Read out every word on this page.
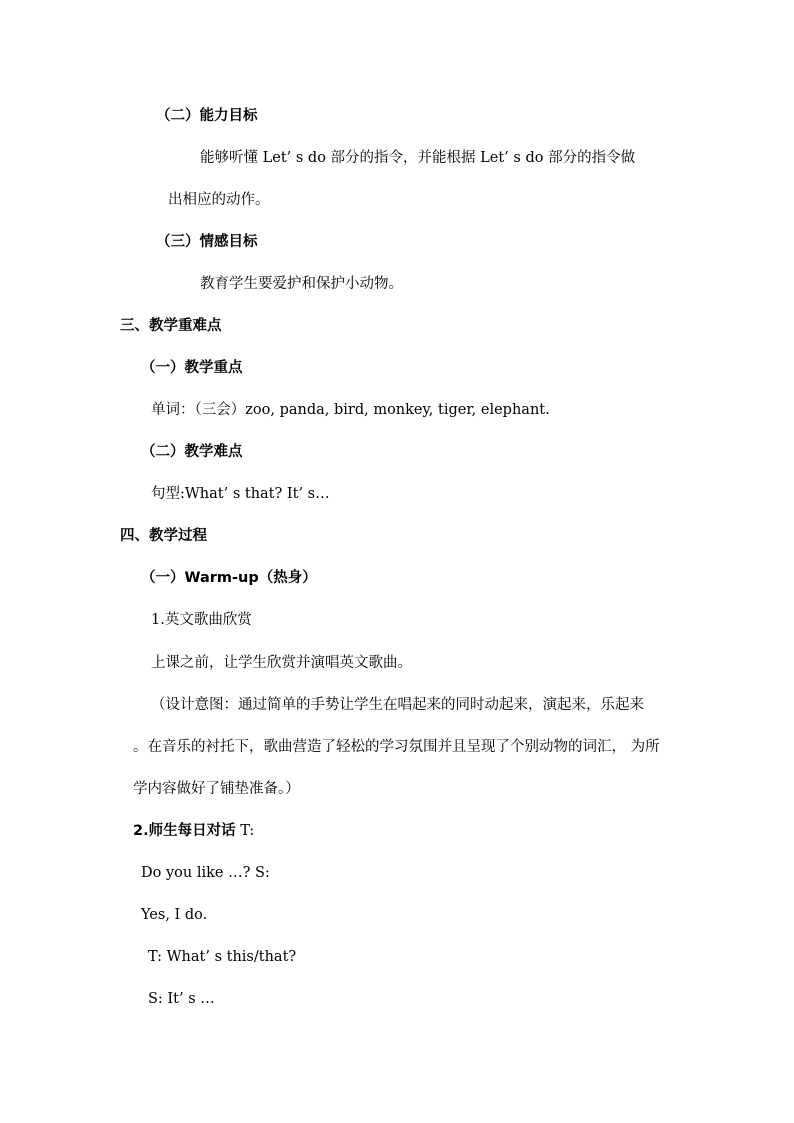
（二）能力目标
能够听懂 Let’ s do 部分的指令，并能根据 Let’ s do 部分的指令做
出相应的动作。
（三）情感目标
教育学生要爱护和保护小动物。
三、教学重难点
（一）教学重点
单词：（三会）zoo, panda, bird, monkey, tiger, elephant.
（二）教学难点
句型:What’ s that? It’ s…
四、教学过程
（一）Warm-up（热身）
1.英文歌曲欣赏
上课之前，让学生欣赏并演唱英文歌曲。
（设计意图：通过简单的手势让学生在唱起来的同时动起来，演起来，乐起来
。在音乐的衬托下，歌曲营造了轻松的学习氛围并且呈现了个别动物的词汇， 为所
学内容做好了铺垫准备。）
2.师生每日对话 T:
Do you like …? S:
Yes, I do.
T: What’ s this/that?
S: It’ s …
